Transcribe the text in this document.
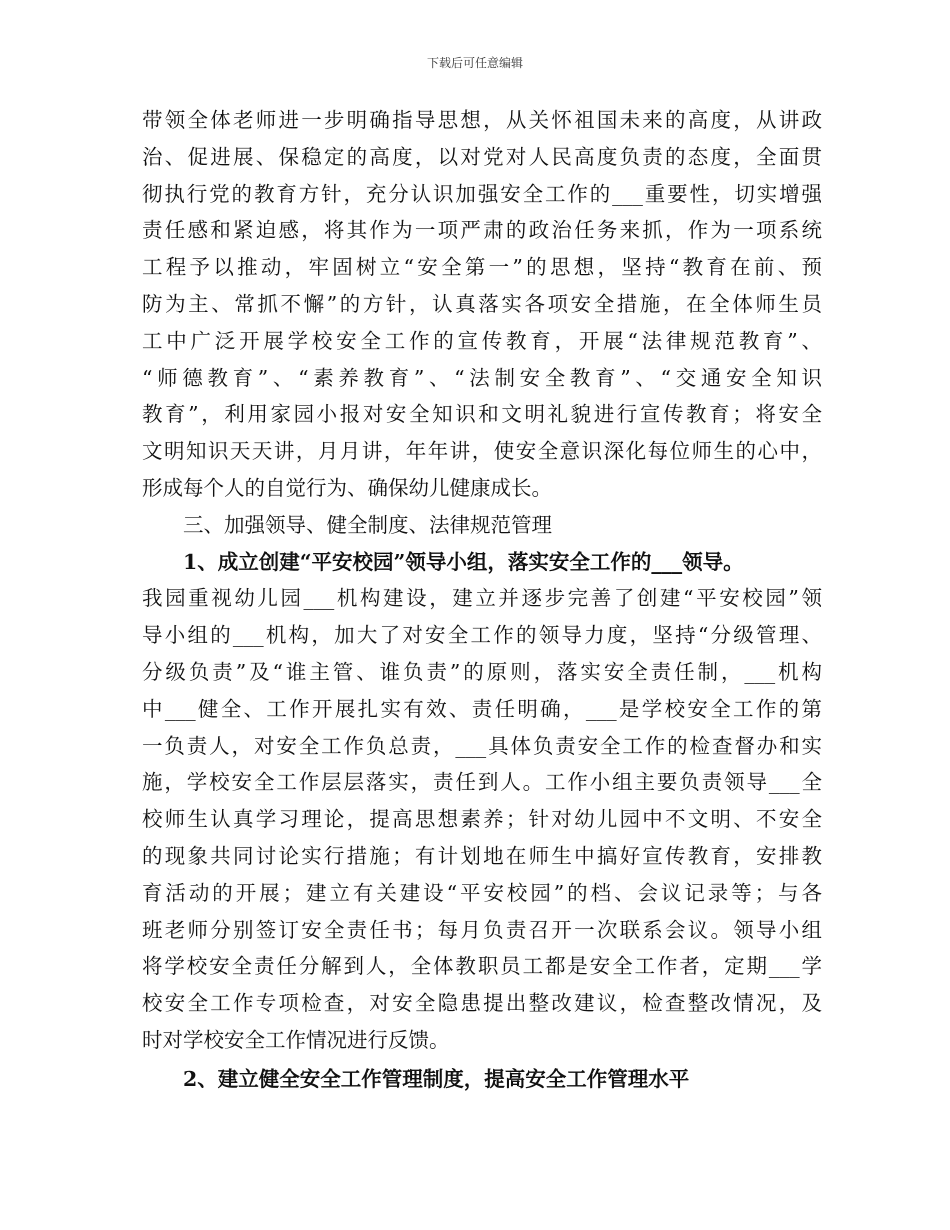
下载后可任意编辑
带领全体老师进一步明确指导思想，从关怀祖国未来的高度，从讲政
治、促进展、保稳定的高度，以对党对人民高度负责的态度，全面贯
彻执行党的教育方针，充分认识加强安全工作的___重要性，切实增强
责任感和紧迫感，将其作为一项严肃的政治任务来抓，作为一项系统
工程予以推动，牢固树立“安全第一”的思想，坚持“教育在前、预
防为主、常抓不懈”的方针，认真落实各项安全措施，在全体师生员
工中广泛开展学校安全工作的宣传教育，开展“法律规范教育”、
“师德教育”、“素养教育”、“法制安全教育”、“交通安全知识
教育”，利用家园小报对安全知识和文明礼貌进行宣传教育；将安全
文明知识天天讲，月月讲，年年讲，使安全意识深化每位师生的心中，
形成每个人的自觉行为、确保幼儿健康成长。
三、加强领导、健全制度、法律规范管理
1、成立创建“平安校园”领导小组，落实安全工作的___领导。
我园重视幼儿园___机构建设，建立并逐步完善了创建“平安校园”领
导小组的___机构，加大了对安全工作的领导力度，坚持“分级管理、
分级负责”及“谁主管、谁负责”的原则，落实安全责任制，___机构
中___健全、工作开展扎实有效、责任明确，___是学校安全工作的第
一负责人，对安全工作负总责，___具体负责安全工作的检查督办和实
施，学校安全工作层层落实，责任到人。工作小组主要负责领导___全
校师生认真学习理论，提高思想素养；针对幼儿园中不文明、不安全
的现象共同讨论实行措施；有计划地在师生中搞好宣传教育，安排教
育活动的开展；建立有关建设“平安校园”的档、会议记录等；与各
班老师分别签订安全责任书；每月负责召开一次联系会议。领导小组
将学校安全责任分解到人，全体教职员工都是安全工作者，定期___学
校安全工作专项检查，对安全隐患提出整改建议，检查整改情况，及
时对学校安全工作情况进行反馈。
2、建立健全安全工作管理制度，提高安全工作管理水平
